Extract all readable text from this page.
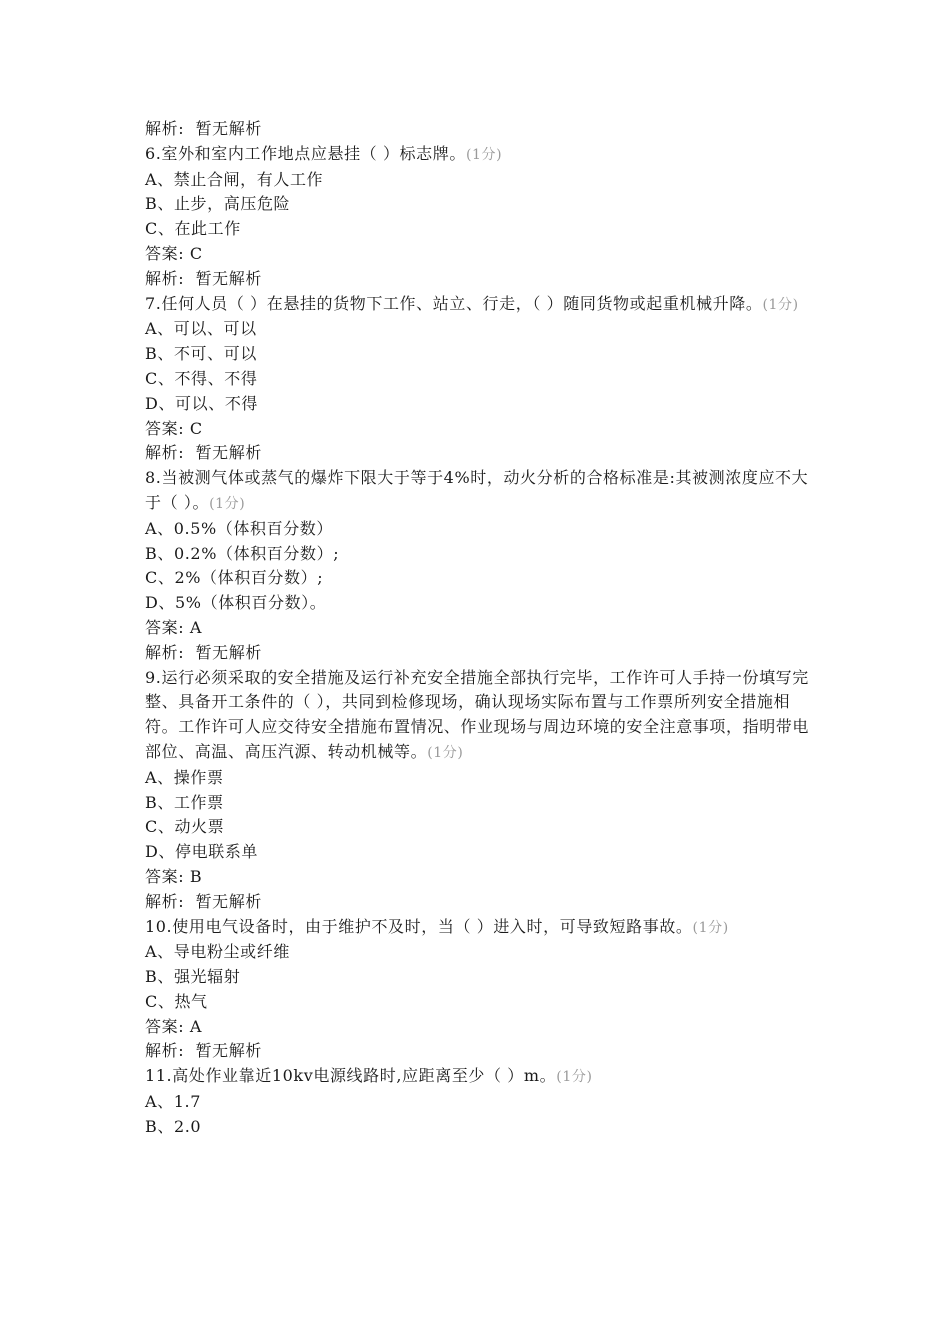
解析:  暂无解析
6.室外和室内工作地点应悬挂（ ）标志牌。(1分)
A、禁止合闸，有人工作
B、止步，高压危险
C、在此工作
答案: C
解析:  暂无解析
7.任何人员（ ）在悬挂的货物下工作、站立、行走，（ ）随同货物或起重机械升降。(1分)
A、可以、可以
B、不可、可以
C、不得、不得
D、可以、不得
答案: C
解析:  暂无解析
8.当被测气体或蒸气的爆炸下限大于等于4%时，动火分析的合格标准是:其被测浓度应不大于（ ）。(1分)
A、0.5%（体积百分数）
B、0.2%（体积百分数）;
C、2%（体积百分数）;
D、5%（体积百分数）。
答案: A
解析:  暂无解析
9.运行必须采取的安全措施及运行补充安全措施全部执行完毕，工作许可人手持一份填写完整、具备开工条件的（ ），共同到检修现场，确认现场实际布置与工作票所列安全措施相符。工作许可人应交待安全措施布置情况、作业现场与周边环境的安全注意事项，指明带电部位、高温、高压汽源、转动机械等。(1分)
A、操作票
B、工作票
C、动火票
D、停电联系单
答案: B
解析:  暂无解析
10.使用电气设备时，由于维护不及时，当（ ）进入时，可导致短路事故。(1分)
A、导电粉尘或纤维
B、强光辐射
C、热气
答案: A
解析:  暂无解析
11.高处作业靠近10kv电源线路时,应距离至少（ ）m。(1分)
A、1.7
B、2.0
